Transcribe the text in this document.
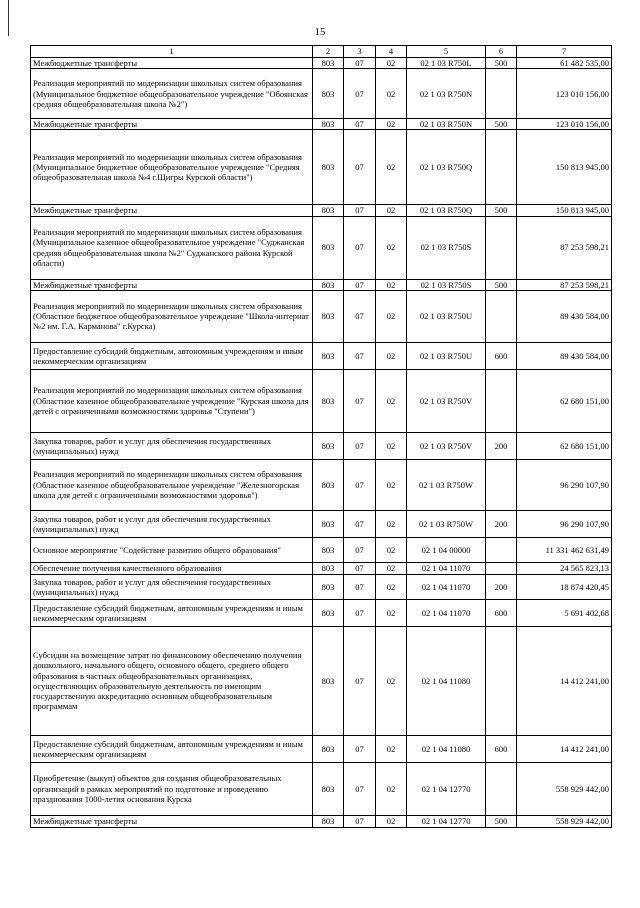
15
1	2	3	4	5	6	7
Межбюджетные трансферты	803	07	02	02 1 03 R750L	500	61 482 535,00
Реализация мероприятий по модернизации школьных систем образования (Муниципальное бюджетное общеобразовательное учреждение "Обоянская средняя общеобразовательная школа №2")	803	07	02	02 1 03 R750N		123 010 156,00
Межбюджетные трансферты	803	07	02	02 1 03 R750N	500	123 010 156,00
Реализация мероприятий по модернизации школьных систем образования (Муниципальное бюджетное общеобразовательное учреждение "Средняя общеобразовательная школа №4 г.Щигры Курской области")	803	07	02	02 1 03 R750Q		150 813 945,00
Межбюджетные трансферты	803	07	02	02 1 03 R750Q	500	150 813 945,00
Реализация мероприятий по модернизации школьных систем образования (Муниципальное казенное общеобразовательное учреждение "Суджанская средняя общеобразовательная школа №2" Суджанского района Курской области)	803	07	02	02 1 03 R750S		87 253 598,21
Межбюджетные трансферты	803	07	02	02 1 03 R750S	500	87 253 598,21
Реализация мероприятий по модернизации школьных систем образования (Областное бюджетное общеобразовательное учреждение "Школа-интернат №2 им. Г.А. Карманова" г.Курска)	803	07	02	02 1 03 R750U		89 430 584,00
Предоставление субсидий бюджетным, автономным учреждениям и иным некоммерческим организациям	803	07	02	02 1 03 R750U	600	89 430 584,00
Реализация мероприятий по модернизации школьных систем образования (Областное казенное общеобразовательное учреждение "Курская школа для детей с ограниченными возможностями здоровья "Ступени")	803	07	02	02 1 03 R750V		62 680 151,00
Закупка товаров, работ и услуг для обеспечения государственных (муниципальных) нужд	803	07	02	02 1 03 R750V	200	62 680 151,00
Реализация мероприятий по модернизации школьных систем образования (Областное казенное общеобразовательное учреждение "Железногорская школа для детей с ограниченными возможностями здоровья")	803	07	02	02 1 03 R750W		96 290 107,90
Закупка товаров, работ и услуг для обеспечения государственных (муниципальных) нужд	803	07	02	02 1 03 R750W	200	96 290 107,90
Основное мероприятие "Содействие развитию общего образования"	803	07	02	02 1 04 00000		11 331 462 631,49
Обеспечение получения качественного образования	803	07	02	02 1 04 11070		24 565 823,13
Закупка товаров, работ и услуг для обеспечения государственных (муниципальных) нужд	803	07	02	02 1 04 11070	200	18 874 420,45
Предоставление субсидий бюджетным, автономным учреждениям и иным некоммерческим организациям	803	07	02	02 1 04 11070	600	5 691 402,68
Субсидии на возмещение затрат по финансовому обеспечению получения дошкольного, начального общего, основного общего, среднего общего образования в частных общеобразовательных организациях, осуществляющих образовательную деятельность по имеющим государственную аккредитацию основным общеобразовательным программам	803	07	02	02 1 04 11080		14 412 241,00
Предоставление субсидий бюджетным, автономным учреждениям и иным некоммерческим организациям	803	07	02	02 1 04 11080	600	14 412 241,00
Приобретение (выкуп) объектов для создания общеобразовательных организаций в рамках мероприятий по подготовке и проведению празднования 1000-летия основания Курска	803	07	02	02 1 04 12770		558 929 442,00
Межбюджетные трансферты	803	07	02	02 1 04 12770	500	558 929 442,00
